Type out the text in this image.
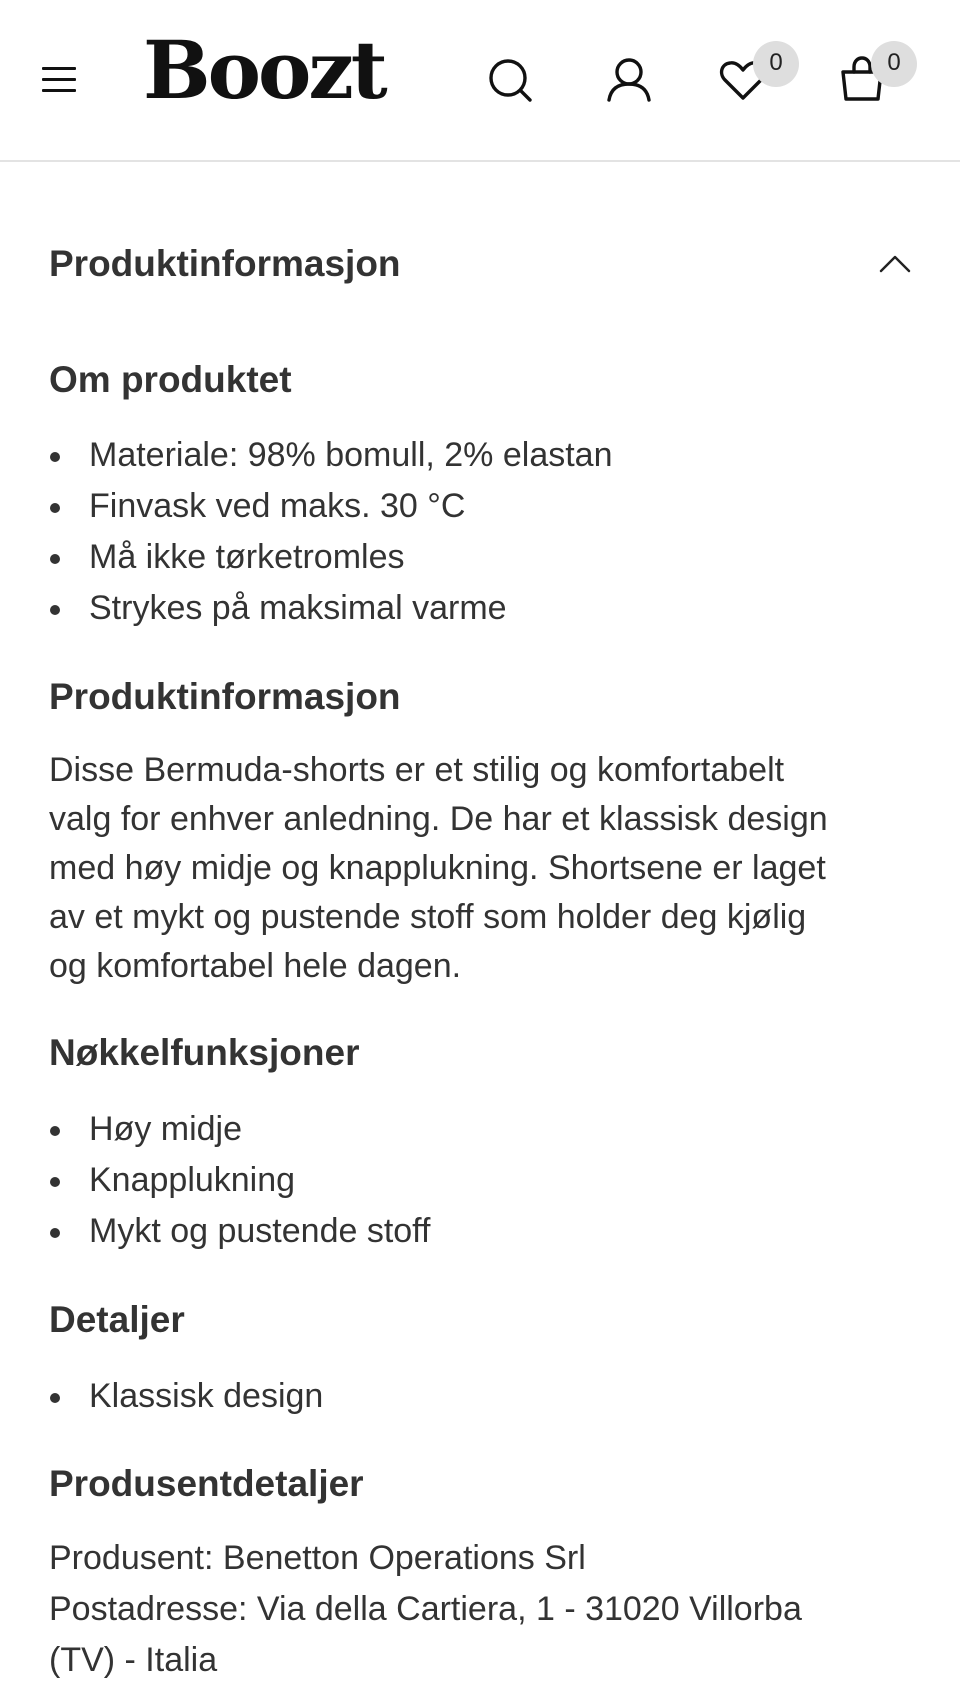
Boozt	0	0
Produktinformasjon
Om produktet
Materiale: 98% bomull, 2% elastan
Finvask ved maks. 30 °C
Må ikke tørketromles
Strykes på maksimal varme
Produktinformasjon

Disse Bermuda-shorts er et stilig og komfortabelt
valg for enhver anledning. De har et klassisk design
med høy midje og knapplukning. Shortsene er laget
av et mykt og pustende stoff som holder deg kjølig
og komfortabel hele dagen.

Nøkkelfunksjoner
Høy midje
Knapplukning
Mykt og pustende stoff
Detaljer
Klassisk design
Produsentdetaljer

Produsent: Benetton Operations Srl
Postadresse: Via della Cartiera, 1 - 31020 Villorba
(TV) - Italia
